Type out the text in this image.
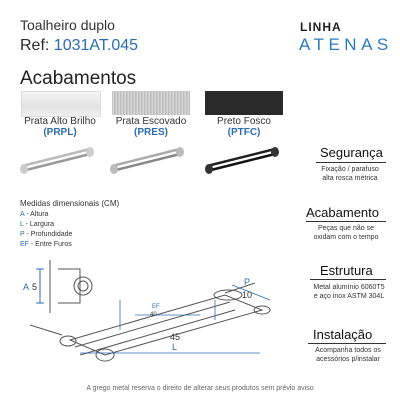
Toalheiro duplo
Ref: 1031AT.045
LINHA
ATENAS
Acabamentos
Prata Alto Brilho	Prata Escovado	Preto Fosco
(PRPL)	(PRES)	(PTFC)
Segurança
Fixação / parafuso
alta rosca métrica
Acabamento
Peças que não se
oxidam com o tempo
Estrutura
Metal alumínio 6060T5
e aço inox ASTM 304L
Instalação
Acompanha todos os
acessórios p/instalar
Medidas dimensionais (CM)
A - Altura
L - Largura
P - Profundidade
EF - Entre Furos
A 5	P
10
EF
40
45
L
A grego metal reserva o direito de alterar seus produtos sem prévio aviso
